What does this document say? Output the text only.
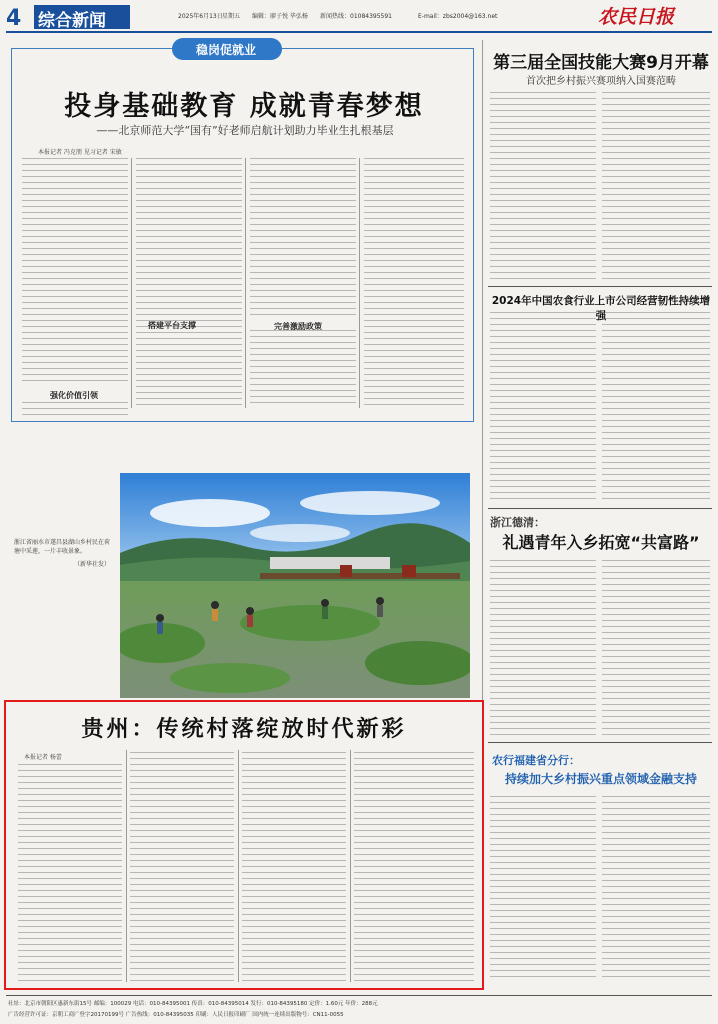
4 综合新闻	2025年6月13日 星期五 编辑：廖子悦 毕弘杨 新闻热线：01084395591	E-mail：zbs2004@163.net	农民日报
稳岗促就业
投身基础教育 成就青春梦想
——北京师范大学“国有”好老师启航计划助力毕业生扎根基层
本报记者 冯克朋 见习记者 宋敏
强化价值引领
搭建平台支撑	完善激励政策
浙江省丽水市遂昌县湖山乡村民在荷塘中采莲，一片丰收景象。
（新华社发）
贵州：传统村落绽放时代新彩
本报记者 杨蕾
第三届全国技能大赛9月开幕
首次把乡村振兴赛项纳入国赛范畴
2024年中国农食行业上市公司经营韧性持续增强
浙江德清：
礼遇青年入乡拓宽“共富路”
农行福建省分行：
持续加大乡村振兴重点领域金融支持
社址：北京市朝阳区惠新东街15号 邮编：100029 电话：010-84395001 传真：010-84395014 发行：010-84395180 定价：1.60元 年价：288元
广告经营许可证：京朝工商广登字20170199号 广告热线：010-84395035 印刷：人民日报印刷厂 国内统一连续出版物号：CN11-0055
